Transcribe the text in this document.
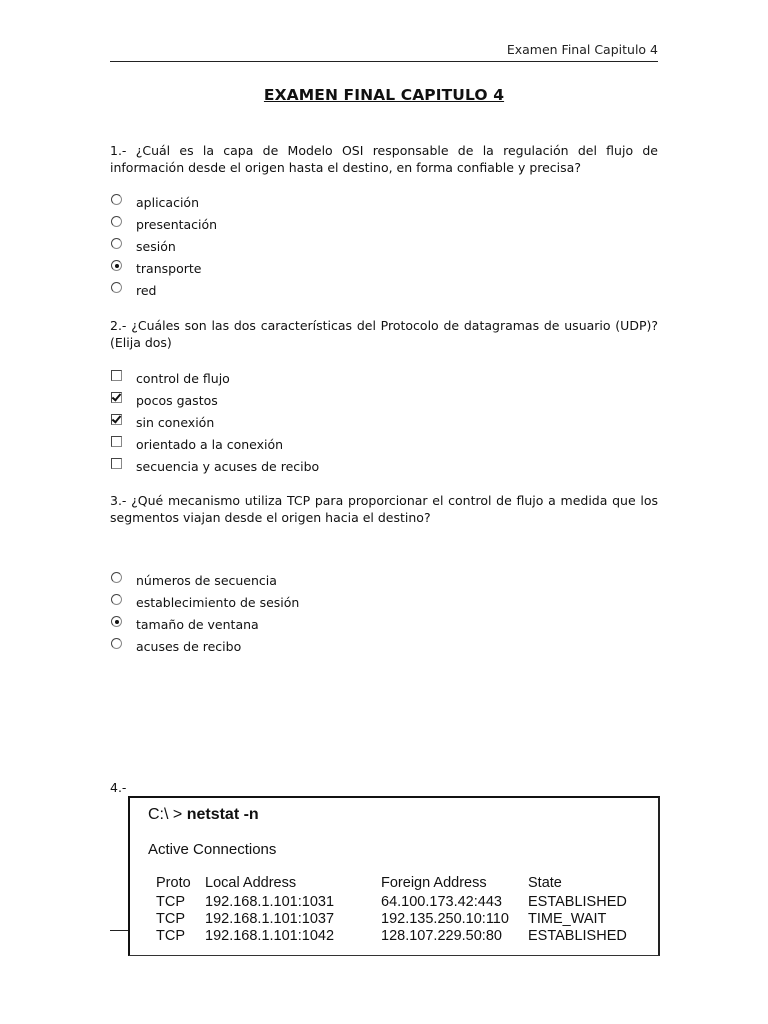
Examen Final Capitulo 4
EXAMEN FINAL CAPITULO 4
1.- ¿Cuál es la capa de Modelo OSI responsable de la regulación del flujo de información desde el origen hasta el destino, en forma confiable y precisa?
aplicación
presentación
sesión
transporte
red
2.- ¿Cuáles son las dos características del Protocolo de datagramas de usuario (UDP)? (Elija dos)
control de flujo
pocos gastos
sin conexión
orientado a la conexión
secuencia y acuses de recibo
3.- ¿Qué mecanismo utiliza TCP para proporcionar el control de flujo a medida que los segmentos viajan desde el origen hacia el destino?
números de secuencia
establecimiento de sesión
tamaño de ventana
acuses de recibo
4.-
C:\ > netstat -n
Active Connections
Proto Local Address	Foreign Address	State
TCP 192.168.1.101:1031	64.100.173.42:443 ESTABLISHED
TCP 192.168.1.101:1037	192.135.250.10:110 TIME_WAIT
TCP 192.168.1.101:1042	128.107.229.50:80 ESTABLISHED
